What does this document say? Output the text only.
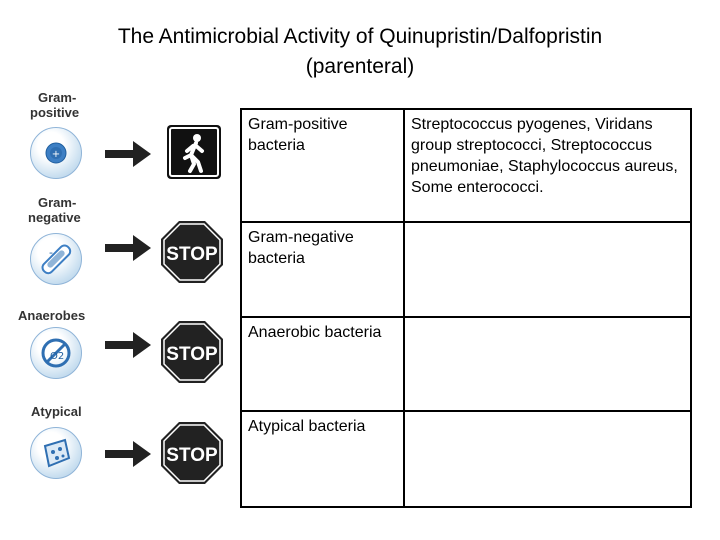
The Antimicrobial Activity of Quinupristin/Dalfopristin
(parenteral)
Gram-
positive
+
Gram-
negative
-	STOP
Anaerobes
O2	STOP
Atypical
STOP
Gram-positive bacteria	Streptococcus pyogenes, Viridans group streptococci, Streptococcus pneumoniae, Staphylococcus aureus, Some enterococci.
Gram-negative bacteria	
Anaerobic bacteria	
Atypical bacteria	
